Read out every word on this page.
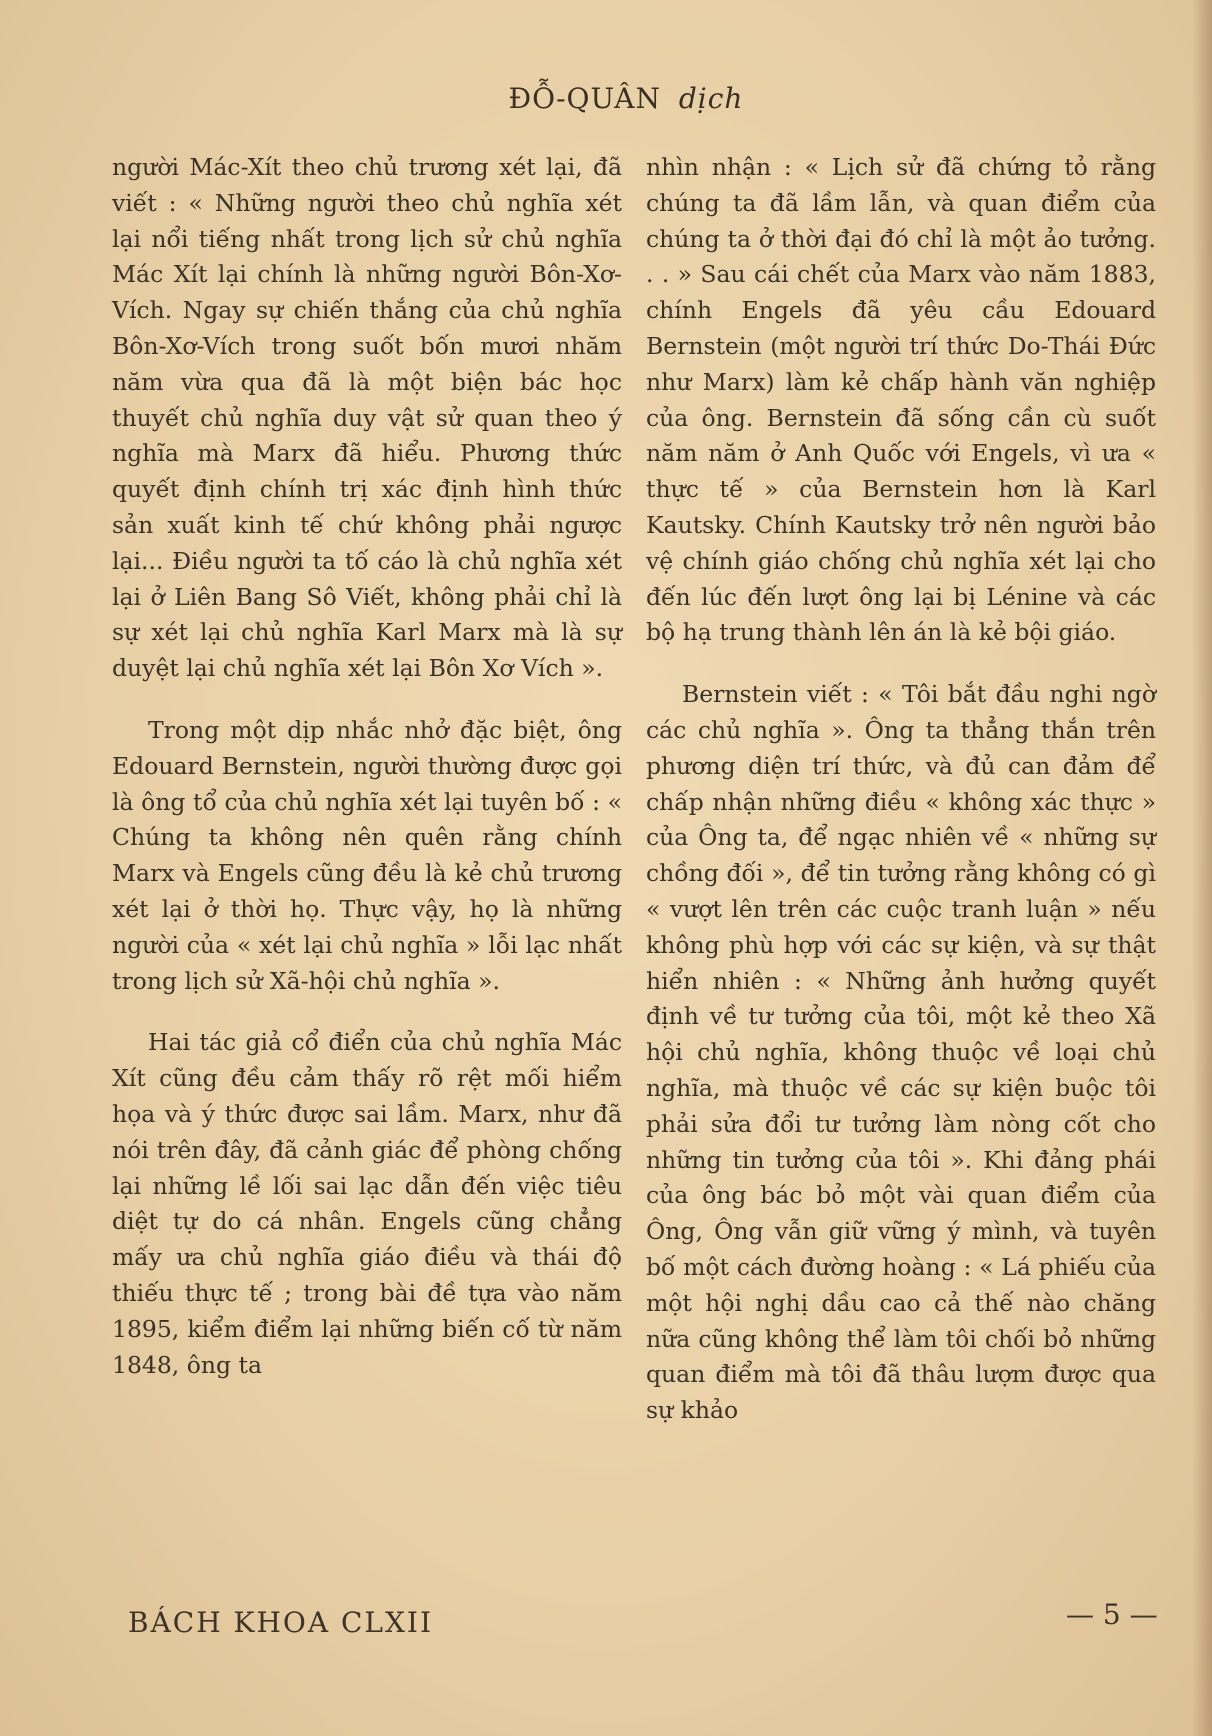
ĐỖ-QUÂN dịch

người Mác-Xít theo chủ trương xét lại, đã viết : « Những người theo chủ nghĩa xét lại nổi tiếng nhất trong lịch sử chủ nghĩa Mác Xít lại chính là những người Bôn-Xơ-Vích. Ngay sự chiến thắng của chủ nghĩa Bôn-Xơ-Vích trong suốt bốn mươi nhăm năm vừa qua đã là một biện bác học thuyết chủ nghĩa duy vật sử quan theo ý nghĩa mà Marx đã hiểu. Phương thức quyết định chính trị xác định hình thức sản xuất kinh tế chứ không phải ngược lại... Điều người ta tố cáo là chủ nghĩa xét lại ở Liên Bang Sô Viết, không phải chỉ là sự xét lại chủ nghĩa Karl Marx mà là sự duyệt lại chủ nghĩa xét lại Bôn Xơ Vích ».

Trong một dịp nhắc nhở đặc biệt, ông Edouard Bernstein, người thường được gọi là ông tổ của chủ nghĩa xét lại tuyên bố : « Chúng ta không nên quên rằng chính Marx và Engels cũng đều là kẻ chủ trương xét lại ở thời họ. Thực vậy, họ là những người của « xét lại chủ nghĩa » lỗi lạc nhất trong lịch sử Xã-hội chủ nghĩa ».

Hai tác giả cổ điển của chủ nghĩa Mác Xít cũng đều cảm thấy rõ rệt mối hiểm họa và ý thức được sai lầm. Marx, như đã nói trên đây, đã cảnh giác để phòng chống lại những lề lối sai lạc dẫn đến việc tiêu diệt tự do cá nhân. Engels cũng chẳng mấy ưa chủ nghĩa giáo điều và thái độ thiếu thực tế ; trong bài đề tựa vào năm 1895, kiểm điểm lại những biến cố từ năm 1848, ông ta

nhìn nhận : « Lịch sử đã chứng tỏ rằng chúng ta đã lầm lẫn, và quan điểm của chúng ta ở thời đại đó chỉ là một ảo tưởng. . . » Sau cái chết của Marx vào năm 1883, chính Engels đã yêu cầu Edouard Bernstein (một người trí thức Do-Thái Đức như Marx) làm kẻ chấp hành văn nghiệp của ông. Bernstein đã sống cần cù suốt năm năm ở Anh Quốc với Engels, vì ưa « thực tế » của Bernstein hơn là Karl Kautsky. Chính Kautsky trở nên người bảo vệ chính giáo chống chủ nghĩa xét lại cho đến lúc đến lượt ông lại bị Lénine và các bộ hạ trung thành lên án là kẻ bội giáo.

Bernstein viết : « Tôi bắt đầu nghi ngờ các chủ nghĩa ». Ông ta thẳng thắn trên phương diện trí thức, và đủ can đảm để chấp nhận những điều « không xác thực » của Ông ta, để ngạc nhiên về « những sự chồng đối », để tin tưởng rằng không có gì « vượt lên trên các cuộc tranh luận » nếu không phù hợp với các sự kiện, và sự thật hiển nhiên : « Những ảnh hưởng quyết định về tư tưởng của tôi, một kẻ theo Xã hội chủ nghĩa, không thuộc về loại chủ nghĩa, mà thuộc về các sự kiện buộc tôi phải sửa đổi tư tưởng làm nòng cốt cho những tin tưởng của tôi ». Khi đảng phái của ông bác bỏ một vài quan điểm của Ông, Ông vẫn giữ vững ý mình, và tuyên bố một cách đường hoàng : « Lá phiếu của một hội nghị dầu cao cả thế nào chăng nữa cũng không thể làm tôi chối bỏ những quan điểm mà tôi đã thâu lượm được qua sự khảo

BÁCH KHOA CLXII	— 5 —
